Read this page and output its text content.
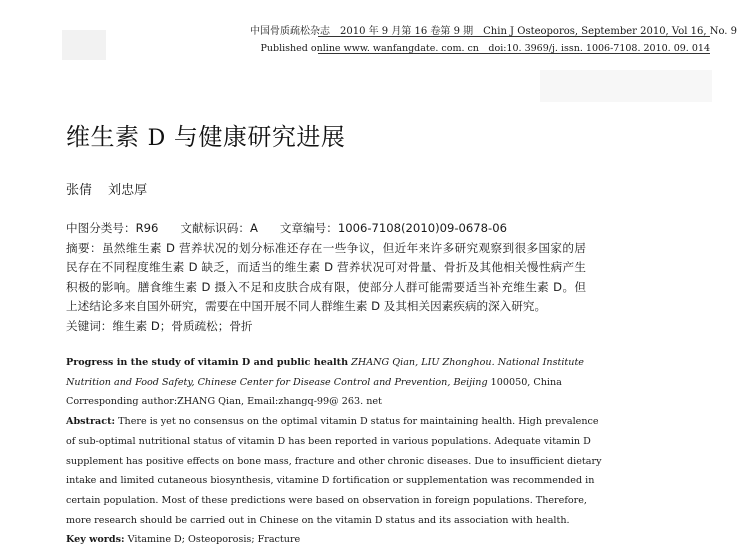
中国骨质疏松杂志　2010 年 9 月第 16 卷第 9 期　Chin J Osteoporos, September 2010, Vol 16, No. 9
Published online www. wanfangdate. com. cn　doi:10. 3969/j. issn. 1006-7108. 2010. 09. 014
维生素 D 与健康研究进展
张倩 刘忠厚
中图分类号：R96 文献标识码：A 文章编号：1006-7108(2010)09-0678-06
摘要：虽然维生素 D 营养状况的划分标准还存在一些争议，但近年来许多研究观察到很多国家的居
民存在不同程度维生素 D 缺乏，而适当的维生素 D 营养状况可对骨量、骨折及其他相关慢性病产生
积极的影响。膳食维生素 D 摄入不足和皮肤合成有限，使部分人群可能需要适当补充维生素 D。但
上述结论多来自国外研究，需要在中国开展不同人群维生素 D 及其相关因素疾病的深入研究。
关键词：维生素 D；骨质疏松；骨折
Progress in the study of vitamin D and public health ZHANG Qian, LIU Zhonghou. National Institute
Nutrition and Food Safety, Chinese Center for Disease Control and Prevention, Beijing 100050, China
Corresponding author:ZHANG Qian, Email:zhangq-99@ 263. net
Abstract: There is yet no consensus on the optimal vitamin D status for maintaining health. High prevalence
of sub-optimal nutritional status of vitamin D has been reported in various populations. Adequate vitamin D
supplement has positive effects on bone mass, fracture and other chronic diseases. Due to insufficient dietary
intake and limited cutaneous biosynthesis, vitamine D fortification or supplementation was recommended in
certain population. Most of these predictions were based on observation in foreign populations. Therefore,
more research should be carried out in Chinese on the vitamin D status and its association with health.
Key words: Vitamine D; Osteoporosis; Fracture
